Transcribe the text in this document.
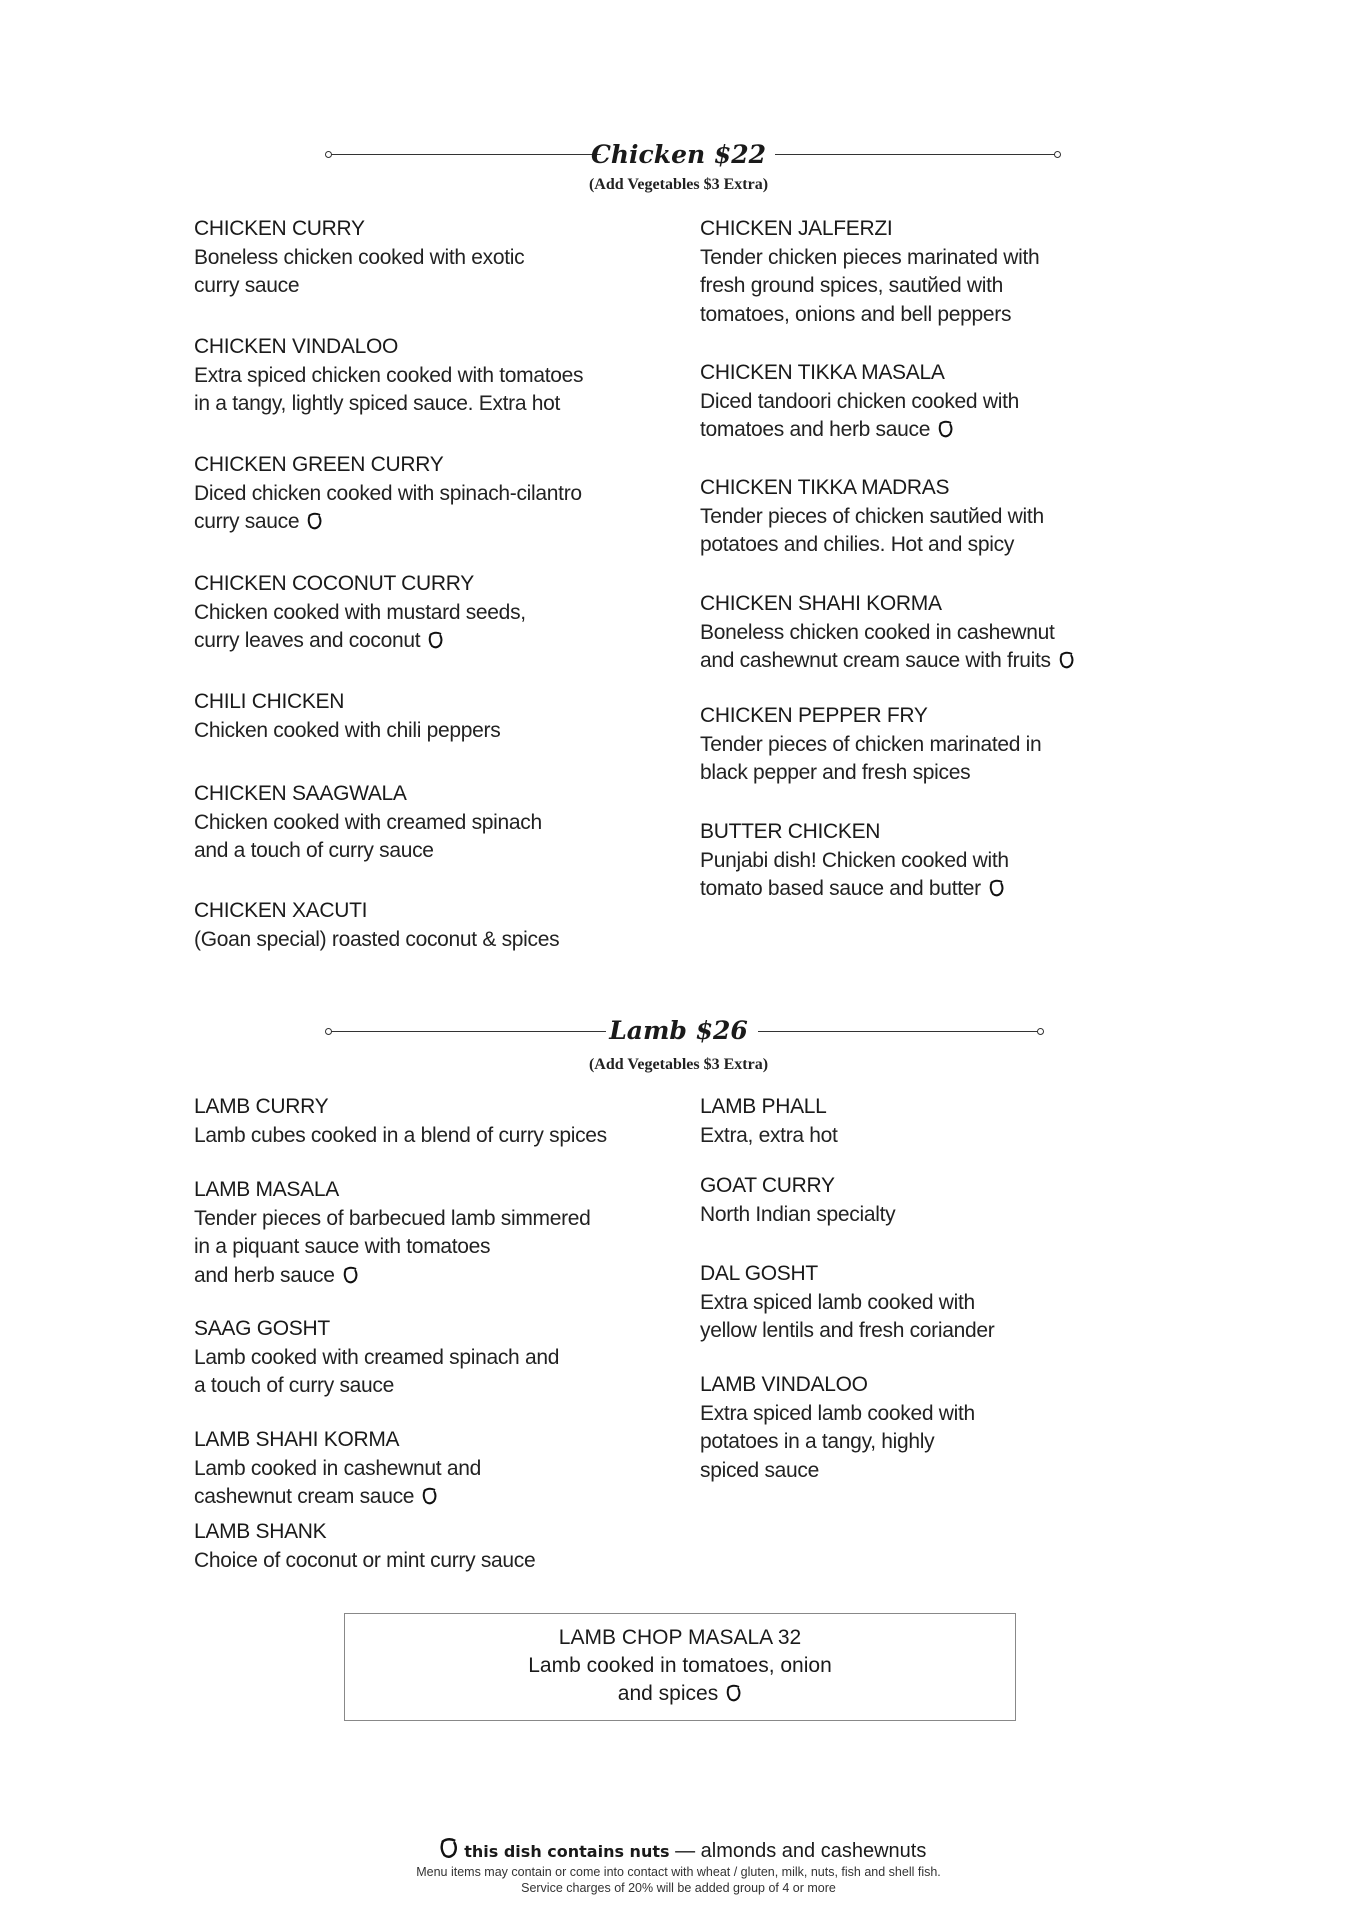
Chicken $22
(Add Vegetables $3 Extra)
Lamb $26
(Add Vegetables $3 Extra)
CHICKEN CURRY
Boneless chicken cooked with exotic
curry sauce
CHICKEN VINDALOO
Extra spiced chicken cooked with tomatoes
in a tangy, lightly spiced sauce. Extra hot
CHICKEN GREEN CURRY
Diced chicken cooked with spinach-cilantro
curry sauce
CHICKEN COCONUT CURRY
Chicken cooked with mustard seeds,
curry leaves and coconut
CHILI CHICKEN
Chicken cooked with chili peppers
CHICKEN SAAGWALA
Chicken cooked with creamed spinach
and a touch of curry sauce
CHICKEN XACUTI
(Goan special) roasted coconut & spices
CHICKEN JALFERZI
Tender chicken pieces marinated with
fresh ground spices, sautйed with
tomatoes, onions and bell peppers
CHICKEN TIKKA MASALA
Diced tandoori chicken cooked with
tomatoes and herb sauce
CHICKEN TIKKA MADRAS
Tender pieces of chicken sautйed with
potatoes and chilies. Hot and spicy
CHICKEN SHAHI KORMA
Boneless chicken cooked in cashewnut
and cashewnut cream sauce with fruits
CHICKEN PEPPER FRY
Tender pieces of chicken marinated in
black pepper and fresh spices
BUTTER CHICKEN
Punjabi dish! Chicken cooked with
tomato based sauce and butter
LAMB CURRY
Lamb cubes cooked in a blend of curry spices
LAMB MASALA
Tender pieces of barbecued lamb simmered
in a piquant sauce with tomatoes
and herb sauce
SAAG GOSHT
Lamb cooked with creamed spinach and
a touch of curry sauce
LAMB SHAHI KORMA
Lamb cooked in cashewnut and
cashewnut cream sauce
LAMB SHANK
Choice of coconut or mint curry sauce
LAMB PHALL
Extra, extra hot
GOAT CURRY
North Indian specialty
DAL GOSHT
Extra spiced lamb cooked with
yellow lentils and fresh coriander
LAMB VINDALOO
Extra spiced lamb cooked with
potatoes in a tangy, highly
spiced sauce
LAMB CHOP MASALA 32
Lamb cooked in tomatoes, onion
and spices
this dish contains nuts — almonds and cashewnuts
Menu items may contain or come into contact with wheat / gluten, milk, nuts, fish and shell fish.
Service charges of 20% will be added group of 4 or more
